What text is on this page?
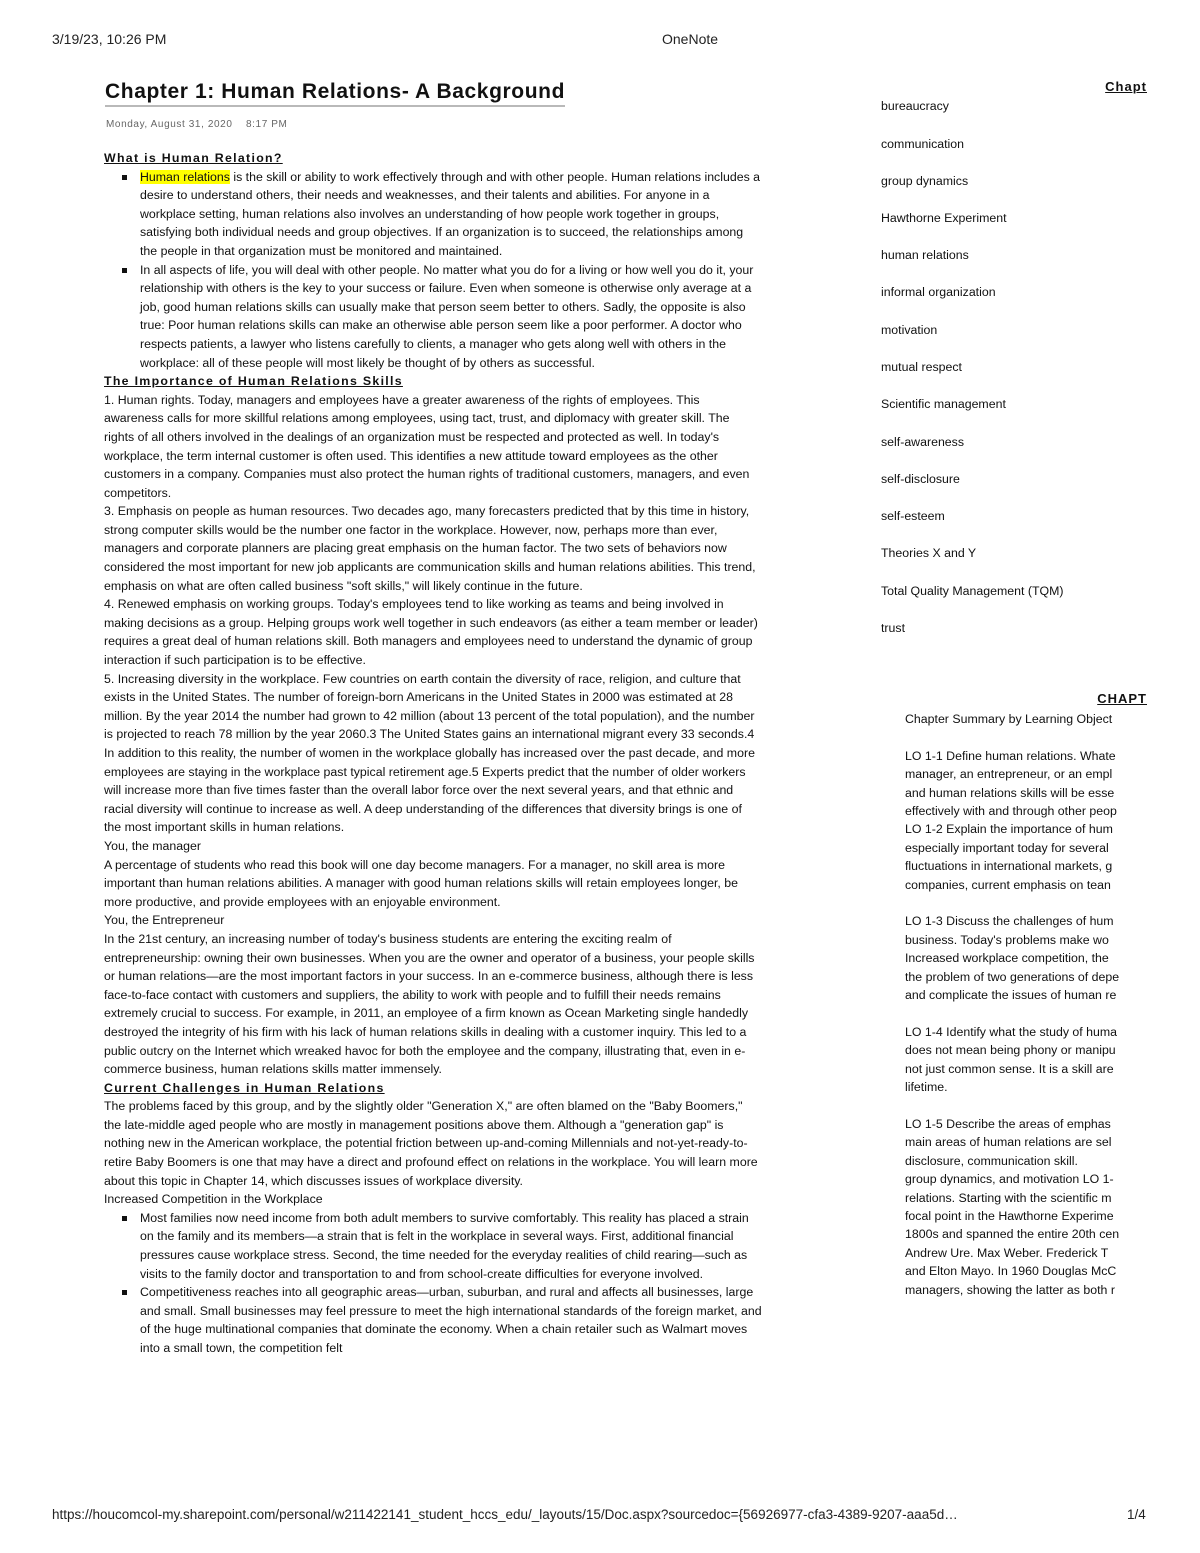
3/19/23, 10:26 PM	OneNote
Chapter 1: Human Relations- A Background
Monday, August 31, 2020 8:17 PM

What is Human Relation?

Human relations is the skill or ability to work effectively through and with other people. Human relations includes a desire to understand others, their needs and weaknesses, and their talents and abilities. For anyone in a workplace setting, human relations also involves an understanding of how people work together in groups, satisfying both individual needs and group objectives. If an organization is to succeed, the relationships among the people in that organization must be monitored and maintained.
In all aspects of life, you will deal with other people. No matter what you do for a living or how well you do it, your relationship with others is the key to your success or failure. Even when someone is otherwise only average at a job, good human relations skills can usually make that person seem better to others. Sadly, the opposite is also true: Poor human relations skills can make an otherwise able person seem like a poor performer. A doctor who respects patients, a lawyer who listens carefully to clients, a manager who gets along well with others in the workplace: all of these people will most likely be thought of by others as successful.

The Importance of Human Relations Skills

1. Human rights. Today, managers and employees have a greater awareness of the rights of employees. This awareness calls for more skillful relations among employees, using tact, trust, and diplomacy with greater skill. The rights of all others involved in the dealings of an organization must be respected and protected as well. In today's workplace, the term internal customer is often used. This identifies a new attitude toward employees as the other customers in a company. Companies must also protect the human rights of traditional customers, managers, and even competitors.

3. Emphasis on people as human resources. Two decades ago, many forecasters predicted that by this time in history, strong computer skills would be the number one factor in the workplace. However, now, perhaps more than ever, managers and corporate planners are placing great emphasis on the human factor. The two sets of behaviors now considered the most important for new job applicants are communication skills and human relations abilities. This trend, emphasis on what are often called business "soft skills," will likely continue in the future.

4. Renewed emphasis on working groups. Today's employees tend to like working as teams and being involved in making decisions as a group. Helping groups work well together in such endeavors (as either a team member or leader) requires a great deal of human relations skill. Both managers and employees need to understand the dynamic of group interaction if such participation is to be effective.

5. Increasing diversity in the workplace. Few countries on earth contain the diversity of race, religion, and culture that exists in the United States. The number of foreign-born Americans in the United States in 2000 was estimated at 28 million. By the year 2014 the number had grown to 42 million (about 13 percent of the total population), and the number is projected to reach 78 million by the year 2060.3 The United States gains an international migrant every 33 seconds.4 In addition to this reality, the number of women in the workplace globally has increased over the past decade, and more employees are staying in the workplace past typical retirement age.5 Experts predict that the number of older workers will increase more than five times faster than the overall labor force over the next several years, and that ethnic and racial diversity will continue to increase as well. A deep understanding of the differences that diversity brings is one of the most important skills in human relations.

You, the manager

A percentage of students who read this book will one day become managers. For a manager, no skill area is more important than human relations abilities. A manager with good human relations skills will retain employees longer, be more productive, and provide employees with an enjoyable environment.

You, the Entrepreneur

In the 21st century, an increasing number of today's business students are entering the exciting realm of entrepreneurship: owning their own businesses. When you are the owner and operator of a business, your people skills or human relations—are the most important factors in your success. In an e-commerce business, although there is less face-to-face contact with customers and suppliers, the ability to work with people and to fulfill their needs remains extremely crucial to success. For example, in 2011, an employee of a firm known as Ocean Marketing single handedly destroyed the integrity of his firm with his lack of human relations skills in dealing with a customer inquiry. This led to a public outcry on the Internet which wreaked havoc for both the employee and the company, illustrating that, even in e-commerce business, human relations skills matter immensely.

Current Challenges in Human Relations

The problems faced by this group, and by the slightly older "Generation X," are often blamed on the "Baby Boomers," the late-middle aged people who are mostly in management positions above them. Although a "generation gap" is nothing new in the American workplace, the potential friction between up-and-coming Millennials and not-yet-ready-to-retire Baby Boomers is one that may have a direct and profound effect on relations in the workplace. You will learn more about this topic in Chapter 14, which discusses issues of workplace diversity.

Increased Competition in the Workplace

Most families now need income from both adult members to survive comfortably. This reality has placed a strain on the family and its members—a strain that is felt in the workplace in several ways. First, additional financial pressures cause workplace stress. Second, the time needed for the everyday realities of child rearing—such as visits to the family doctor and transportation to and from school-create difficulties for everyone involved.
Competitiveness reaches into all geographic areas—urban, suburban, and rural and affects all businesses, large and small. Small businesses may feel pressure to meet the high international standards of the foreign market, and of the huge multinational companies that dominate the economy. When a chain retailer such as Walmart moves into a small town, the competition felt
Chapt
bureaucracy
communication
group dynamics
Hawthorne Experiment
human relations
informal organization
motivation
mutual respect
Scientific management
self-awareness
self-disclosure
self-esteem
Theories X and Y
Total Quality Management (TQM)
trust
CHAPT
Chapter Summary by Learning Object
LO 1-1 Define human relations. Whate
manager, an entrepreneur, or an empl
and human relations skills will be esse
effectively with and through other peop
LO 1-2 Explain the importance of hum
especially important today for several
fluctuations in international markets, g
companies, current emphasis on tean
LO 1-3 Discuss the challenges of hum
business. Today's problems make wo
Increased workplace competition, the
the problem of two generations of depe
and complicate the issues of human re
LO 1-4 Identify what the study of huma
does not mean being phony or manipu
not just common sense. It is a skill are
lifetime.
LO 1-5 Describe the areas of emphas
main areas of human relations are sel
disclosure, communication skill.
group dynamics, and motivation LO 1-
relations. Starting with the scientific m
focal point in the Hawthorne Experime
1800s and spanned the entire 20th cen
Andrew Ure. Max Weber. Frederick T
and Elton Mayo. In 1960 Douglas McC
managers, showing the latter as both r
https://houcomcol-my.sharepoint.com/personal/w211422141_student_hccs_edu/_layouts/15/Doc.aspx?sourcedoc={56926977-cfa3-4389-9207-aaa5d…	1/4
